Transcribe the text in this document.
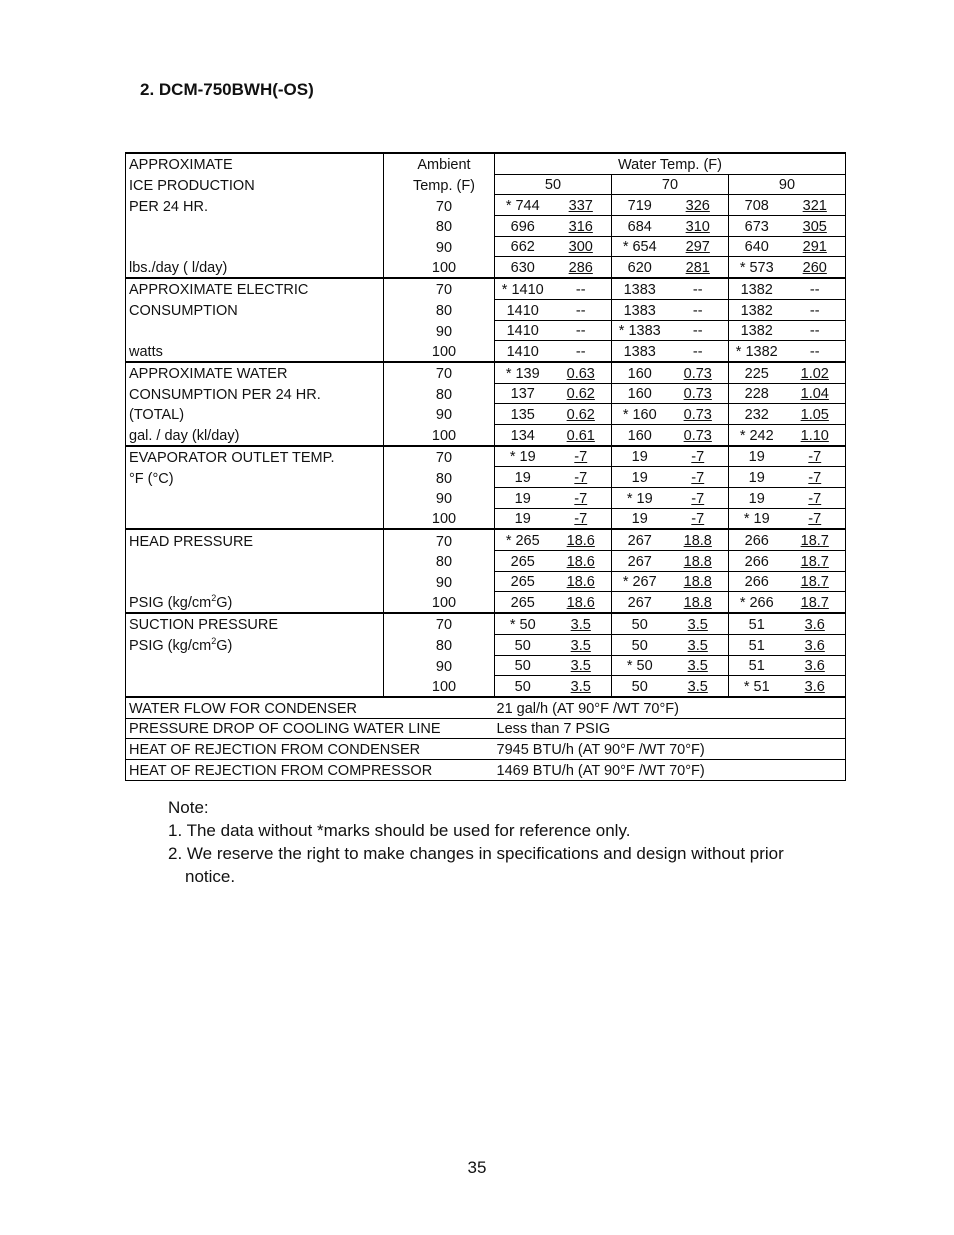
2. DCM-750BWH(-OS)
APPROXIMATE	Ambient	Water Temp. (F)					
ICE PRODUCTION	Temp. (F)	50		70		90	
PER 24 HR.	70	* 744	337	719	326	708	321
	80	696	316	684	310	673	305
	90	662	300	* 654	297	640	291
lbs./day ( l/day)	100	630	286	620	281	* 573	260
APPROXIMATE ELECTRIC	70	* 1410	--	1383	--	1382	--
CONSUMPTION	80	1410	--	1383	--	1382	--
	90	1410	--	* 1383	--	1382	--
watts	100	1410	--	1383	--	* 1382	--
APPROXIMATE WATER	70	* 139	0.63	160	0.73	225	1.02
CONSUMPTION PER 24 HR.	80	137	0.62	160	0.73	228	1.04
(TOTAL)	90	135	0.62	* 160	0.73	232	1.05
gal. / day (kl/day)	100	134	0.61	160	0.73	* 242	1.10
EVAPORATOR OUTLET TEMP.	70	* 19	-7	19	-7	19	-7
°F (°C)	80	19	-7	19	-7	19	-7
	90	19	-7	* 19	-7	19	-7
	100	19	-7	19	-7	* 19	-7
HEAD PRESSURE	70	* 265	18.6	267	18.8	266	18.7
	80	265	18.6	267	18.8	266	18.7
	90	265	18.6	* 267	18.8	266	18.7
PSIG $(kg/cm^2G)$	100	265	18.6	267	18.8	* 266	18.7
SUCTION PRESSURE	70	* 50	3.5	50	3.5	51	3.6
PSIG $(kg/cm^2G)$	80	50	3.5	50	3.5	51	3.6
	90	50	3.5	* 50	3.5	51	3.6
	100	50	3.5	50	3.5	* 51	3.6
WATER FLOW FOR CONDENSER		21 gal/h (AT 90°F /WT 70°F)					
PRESSURE DROP OF COOLING WATER LINE		Less than 7 PSIG					
HEAT OF REJECTION FROM CONDENSER		7945 BTU/h (AT 90°F /WT 70°F)					
HEAT OF REJECTION FROM COMPRESSOR		1469 BTU/h (AT 90°F /WT 70°F)					
Note:
1. The data without *marks should be used for reference only.
2. We reserve the right to make changes in specifications and design without prior
notice.
35
